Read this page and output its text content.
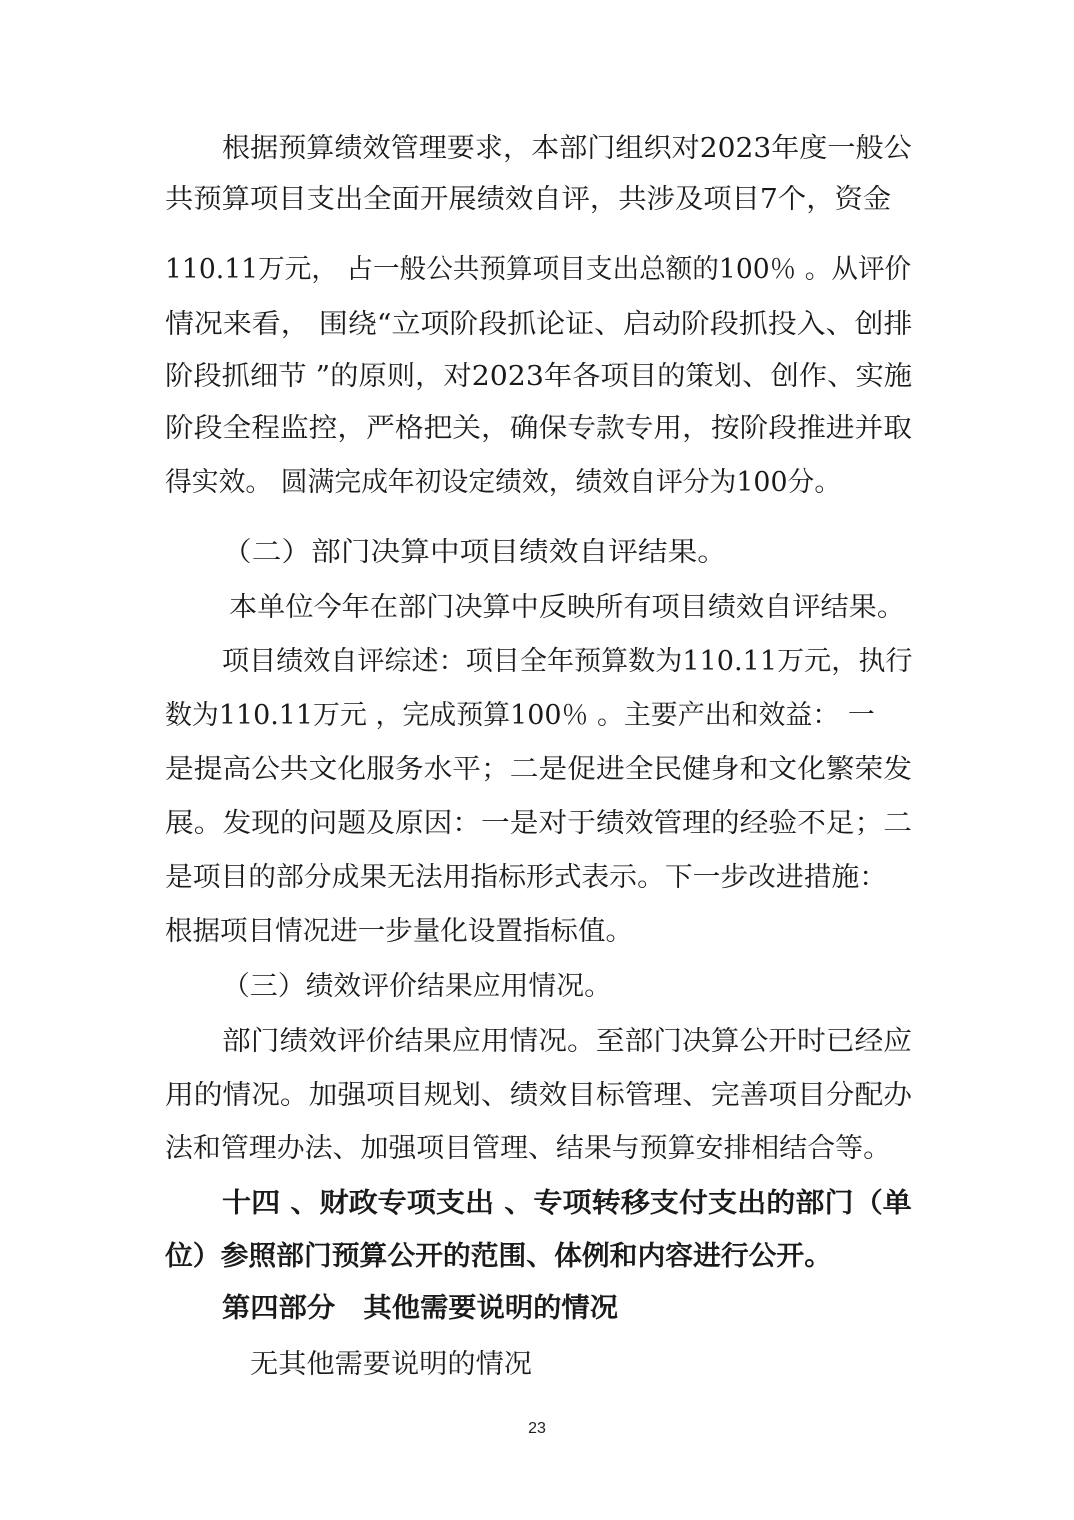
根据预算绩效管理要求，本部门组织对2023年度一般公
共预算项目支出全面开展绩效自评，共涉及项目7个，资金
110.11万元， 占一般公共预算项目支出总额的100％ 。从评价
情况来看， 围绕“立项阶段抓论证、启动阶段抓投入、创排
阶段抓细节 ”的原则，对2023年各项目的策划、创作、实施
阶段全程监控，严格把关，确保专款专用，按阶段推进并取
得实效。 圆满完成年初设定绩效，绩效自评分为100分。
（二）部门决算中项目绩效自评结果。
本单位今年在部门决算中反映所有项目绩效自评结果。
项目绩效自评综述：项目全年预算数为110.11万元，执行
数为110.11万元 ，完成预算100％ 。主要产出和效益： 一
是提高公共文化服务水平；二是促进全民健身和文化繁荣发
展。发现的问题及原因：一是对于绩效管理的经验不足；二
是项目的部分成果无法用指标形式表示。下一步改进措施：
根据项目情况进一步量化设置指标值。
（三）绩效评价结果应用情况。
部门绩效评价结果应用情况。至部门决算公开时已经应
用的情况。加强项目规划、绩效目标管理、完善项目分配办
法和管理办法、加强项目管理、结果与预算安排相结合等。
十四 、财政专项支出 、专项转移支付支出的部门（单
位）参照部门预算公开的范围、体例和内容进行公开。
第四部分　其他需要说明的情况
无其他需要说明的情况
23
